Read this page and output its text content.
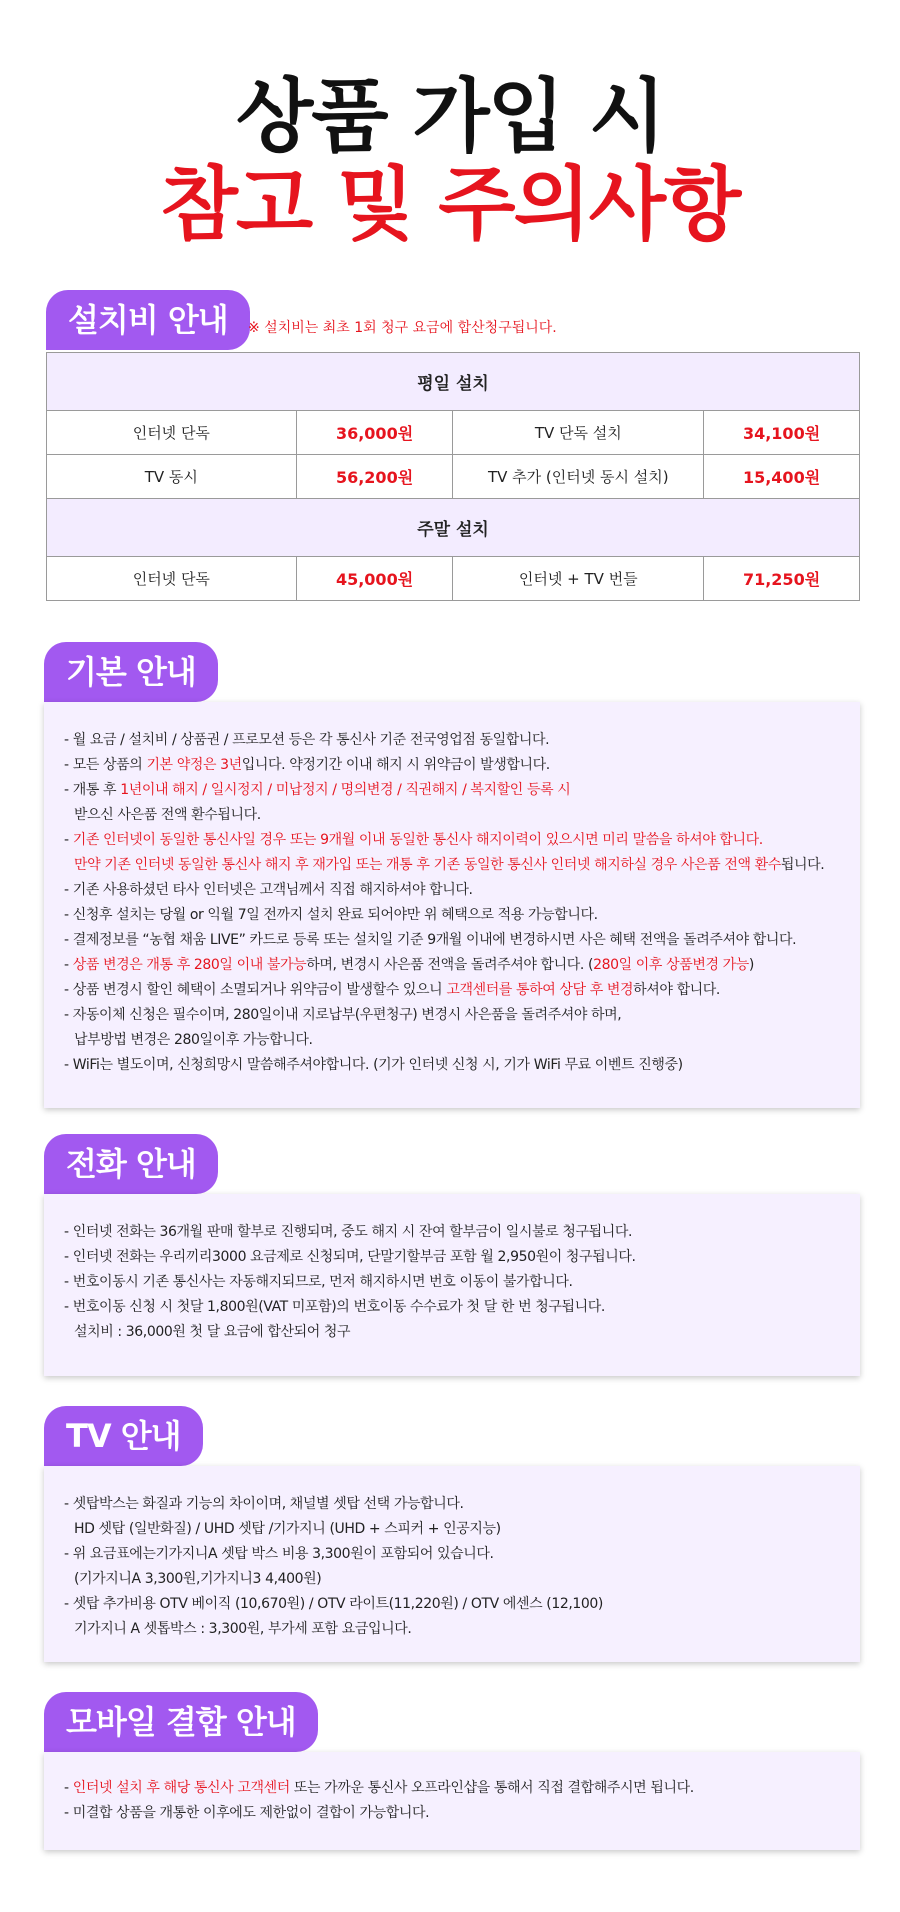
상품 가입 시
참고 및 주의사항
설치비 안내	※ 설치비는 최초 1회 청구 요금에 합산청구됩니다.
평일 설치			
인터넷 단독	36,000원	TV 단독 설치	34,100원
TV 동시	56,200원	TV 추가 (인터넷 동시 설치)	15,400원
주말 설치			
인터넷 단독	45,000원	인터넷 + TV 번들	71,250원
기본 안내
- 월 요금 / 설치비 / 상품권 / 프로모션 등은 각 통신사 기준 전국영업점 동일합니다.
- 모든 상품의 기본 약정은 3년입니다. 약정기간 이내 해지 시 위약금이 발생합니다.
- 개통 후 1년이내 해지 / 일시정지 / 미납정지 / 명의변경 / 직권해지 / 복지할인 등록 시
받으신 사은품 전액 환수됩니다.
- 기존 인터넷이 동일한 통신사일 경우 또는 9개월 이내 동일한 통신사 해지이력이 있으시면 미리 말씀을 하셔야 합니다.
만약 기존 인터넷 동일한 통신사 해지 후 재가입 또는 개통 후 기존 동일한 통신사 인터넷 해지하실 경우 사은품 전액 환수됩니다.
- 기존 사용하셨던 타사 인터넷은 고객님께서 직접 해지하셔야 합니다.
- 신청후 설치는 당월 or 익월 7일 전까지 설치 완료 되어야만 위 혜택으로 적용 가능합니다.
- 결제정보를 “농협 채움 LIVE” 카드로 등록 또는 설치일 기준 9개월 이내에 변경하시면 사은 혜택 전액을 돌려주셔야 합니다.
- 상품 변경은 개통 후 280일 이내 불가능하며, 변경시 사은품 전액을 돌려주셔야 합니다. (280일 이후 상품변경 가능)
- 상품 변경시 할인 혜택이 소멸되거나 위약금이 발생할수 있으니 고객센터를 통하여 상담 후 변경하셔야 합니다.
- 자동이체 신청은 필수이며, 280일이내 지로납부(우편청구) 변경시 사은품을 돌려주셔야 하며,
납부방법 변경은 280일이후 가능합니다.
- WiFi는 별도이며, 신청희망시 말씀해주셔야합니다. (기가 인터넷 신청 시, 기가 WiFi 무료 이벤트 진행중)
전화 안내
- 인터넷 전화는 36개월 판매 할부로 진행되며, 중도 해지 시 잔여 할부금이 일시불로 청구됩니다.
- 인터넷 전화는 우리끼리3000 요금제로 신청되며, 단말기할부금 포함 월 2,950원이 청구됩니다.
- 번호이동시 기존 통신사는 자동해지되므로, 먼저 해지하시면 번호 이동이 불가합니다.
- 번호이동 신청 시 첫달 1,800원(VAT 미포함)의 번호이동 수수료가 첫 달 한 번 청구됩니다.
설치비 : 36,000원 첫 달 요금에 합산되어 청구
TV 안내
- 셋탑박스는 화질과 기능의 차이이며, 채널별 셋탑 선택 가능합니다.
HD 셋탑 (일반화질) / UHD 셋탑 /기가지니 (UHD + 스피커 + 인공지능)
- 위 요금표에는기가지니A 셋탑 박스 비용 3,300원이 포함되어 있습니다.
(기가지니A 3,300원,기가지니3 4,400원)
- 셋탑 추가비용 OTV 베이직 (10,670원) / OTV 라이트(11,220원) / OTV 에센스 (12,100)
기가지니 A 셋톱박스 : 3,300원, 부가세 포함 요금입니다.
모바일 결합 안내
- 인터넷 설치 후 해당 통신사 고객센터 또는 가까운 통신사 오프라인샵을 통해서 직접 결합해주시면 됩니다.
- 미결합 상품을 개통한 이후에도 제한없이 결합이 가능합니다.
